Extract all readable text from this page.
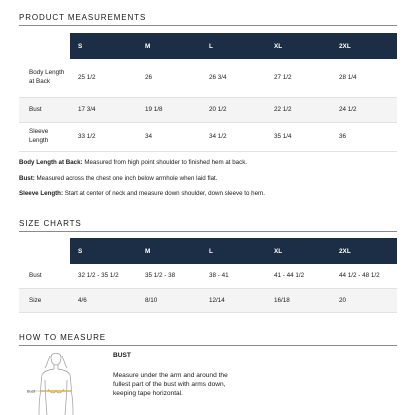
PRODUCT MEASUREMENTS
	S	M	L	XL	2XL
Body Length at Back	25 1/2	26	26 3/4	27 1/2	28 1/4
Bust	17 3/4	19 1/8	20 1/2	22 1/2	24 1/2
Sleeve Length	33 1/2	34	34 1/2	35 1/4	36
Body Length at Back: Measured from high point shoulder to finished hem at back.
Bust: Measured across the chest one inch below armhole when laid flat.
Sleeve Length: Start at center of neck and measure down shoulder, down sleeve to hem.
SIZE CHARTS
	S	M	L	XL	2XL
Bust	32 1/2 - 35 1/2	35 1/2 - 38	38 - 41	41 - 44 1/2	44 1/2 - 48 1/2
Size	4/6	8/10	12/14	16/18	20
HOW TO MEASURE
Bust
BUST
Measure under the arm and around the fullest part of the bust with arms down, keeping tape horizontal.
